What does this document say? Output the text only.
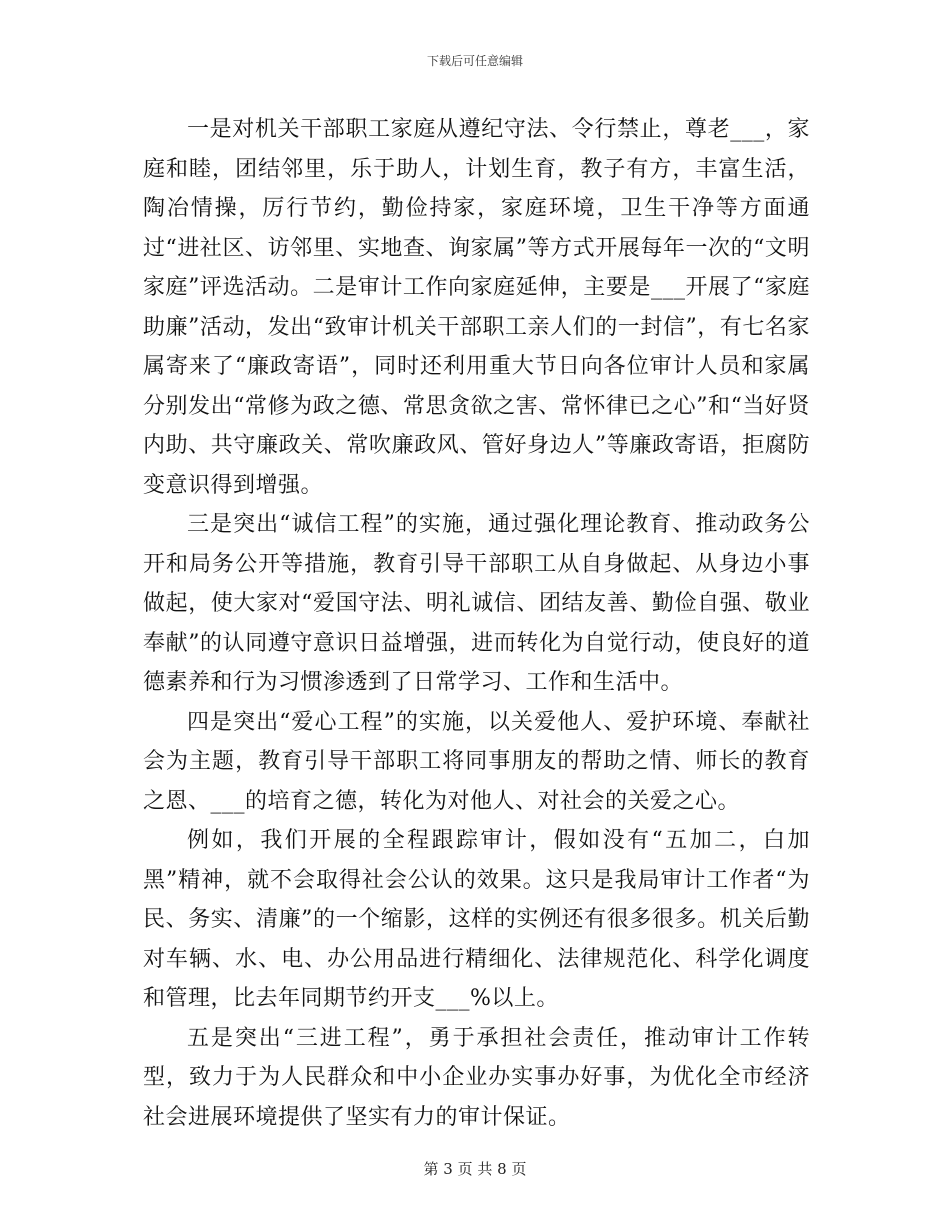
下载后可任意编辑

一是对机关干部职工家庭从遵纪守法、令行禁止，尊老___，家庭和睦，团结邻里，乐于助人，计划生育，教子有方，丰富生活，陶冶情操，厉行节约，勤俭持家，家庭环境，卫生干净等方面通过“进社区、访邻里、实地查、询家属”等方式开展每年一次的“文明家庭”评选活动。二是审计工作向家庭延伸，主要是___开展了“家庭助廉”活动，发出“致审计机关干部职工亲人们的一封信”，有七名家属寄来了“廉政寄语”，同时还利用重大节日向各位审计人员和家属分别发出“常修为政之德、常思贪欲之害、常怀律已之心”和“当好贤内助、共守廉政关、常吹廉政风、管好身边人”等廉政寄语，拒腐防变意识得到增强。

三是突出“诚信工程”的实施，通过强化理论教育、推动政务公开和局务公开等措施，教育引导干部职工从自身做起、从身边小事做起，使大家对“爱国守法、明礼诚信、团结友善、勤俭自强、敬业奉献”的认同遵守意识日益增强，进而转化为自觉行动，使良好的道德素养和行为习惯渗透到了日常学习、工作和生活中。

四是突出“爱心工程”的实施，以关爱他人、爱护环境、奉献社会为主题，教育引导干部职工将同事朋友的帮助之情、师长的教育之恩、___的培育之德，转化为对他人、对社会的关爱之心。

例如，我们开展的全程跟踪审计，假如没有“五加二，白加黑”精神，就不会取得社会公认的效果。这只是我局审计工作者“为民、务实、清廉”的一个缩影，这样的实例还有很多很多。机关后勤对车辆、水、电、办公用品进行精细化、法律规范化、科学化调度和管理，比去年同期节约开支___%以上。

五是突出“三进工程”，勇于承担社会责任，推动审计工作转型，致力于为人民群众和中小企业办实事办好事，为优化全市经济社会进展环境提供了坚实有力的审计保证。

第 3 页 共 8 页
